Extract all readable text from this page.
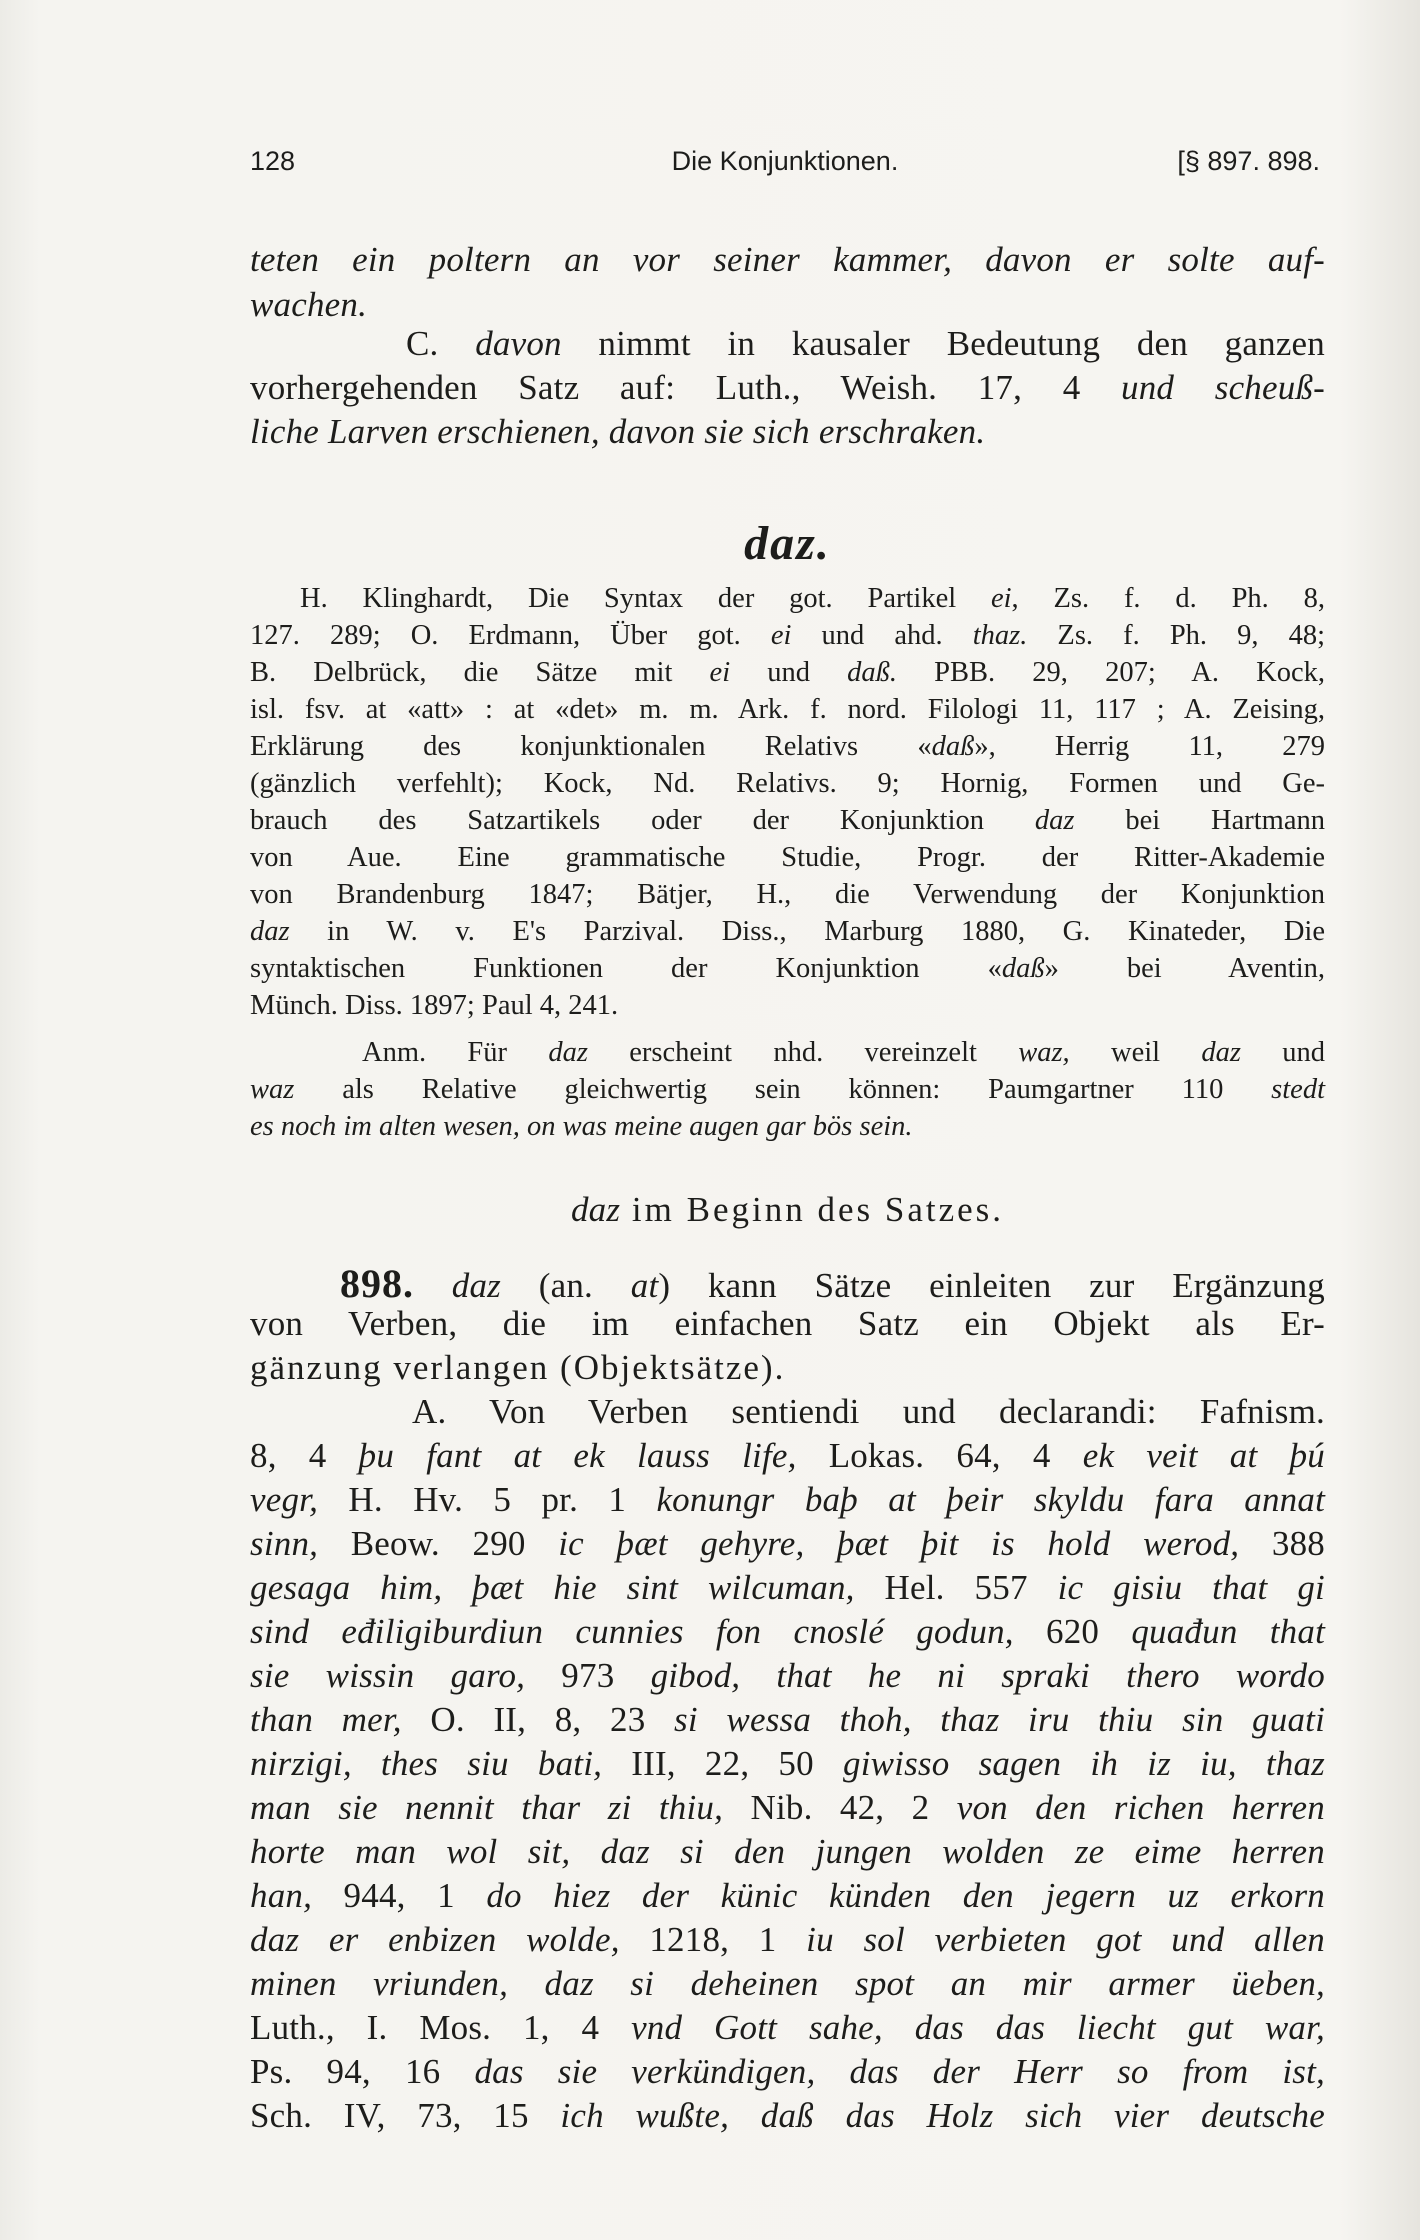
128	Die Konjunktionen.	[§ 897. 898.
teten ein poltern an vor seiner kammer, davon er solte auf-
wachen.
C. davon nimmt in kausaler Bedeutung den ganzen
vorhergehenden Satz auf: Luth., Weish. 17, 4 und scheuß-
liche Larven erschienen, davon sie sich erschraken.
daz.
H. Klinghardt, Die Syntax der got. Partikel ei, Zs. f. d. Ph. 8,
127. 289; O. Erdmann, Über got. ei und ahd. thaz. Zs. f. Ph. 9, 48;
B. Delbrück, die Sätze mit ei und daß. PBB. 29, 207; A. Kock,
isl. fsv. at «att» : at «det» m. m. Ark. f. nord. Filologi 11, 117 ; A. Zeising,
Erklärung des konjunktionalen Relativs «daß», Herrig 11, 279
(gänzlich verfehlt); Kock, Nd. Relativs. 9; Hornig, Formen und Ge-
brauch des Satzartikels oder der Konjunktion daz bei Hartmann
von Aue. Eine grammatische Studie, Progr. der Ritter-Akademie
von Brandenburg 1847; Bätjer, H., die Verwendung der Konjunktion
daz in W. v. E's Parzival. Diss., Marburg 1880, G. Kinateder, Die
syntaktischen Funktionen der Konjunktion «daß» bei Aventin,
Münch. Diss. 1897; Paul 4, 241.
Anm. Für daz erscheint nhd. vereinzelt waz, weil daz und
waz als Relative gleichwertig sein können: Paumgartner 110 stedt
es noch im alten wesen, on was meine augen gar bös sein.
daz im Beginn des Satzes.
898. daz (an. at) kann Sätze einleiten zur Ergänzung
von Verben, die im einfachen Satz ein Objekt als Er-
gänzung verlangen (Objektsätze).
A. Von Verben sentiendi und declarandi: Fafnism.
8, 4 þu fant at ek lauss life, Lokas. 64, 4 ek veit at þú
vegr, H. Hv. 5 pr. 1 konungr baþ at þeir skyldu fara annat
sinn, Beow. 290 ic þæt gehyre, þæt þit is hold werod, 388
gesaga him, þæt hie sint wilcuman, Hel. 557 ic gisiu that gi
sind eđiligiburdiun cunnies fon cnoslé godun, 620 quađun that
sie wissin garo, 973 gibod, that he ni spraki thero wordo
than mer, O. II, 8, 23 si wessa thoh, thaz iru thiu sin guati
nirzigi, thes siu bati, III, 22, 50 giwisso sagen ih iz iu, thaz
man sie nennit thar zi thiu, Nib. 42, 2 von den richen herren
horte man wol sit, daz si den jungen wolden ze eime herren
han, 944, 1 do hiez der künic künden den jegern uz erkorn
daz er enbizen wolde, 1218, 1 iu sol verbieten got und allen
minen vriunden, daz si deheinen spot an mir armer üeben,
Luth., I. Mos. 1, 4 vnd Gott sahe, das das liecht gut war,
Ps. 94, 16 das sie verkündigen, das der Herr so from ist,
Sch. IV, 73, 15 ich wußte, daß das Holz sich vier deutsche
